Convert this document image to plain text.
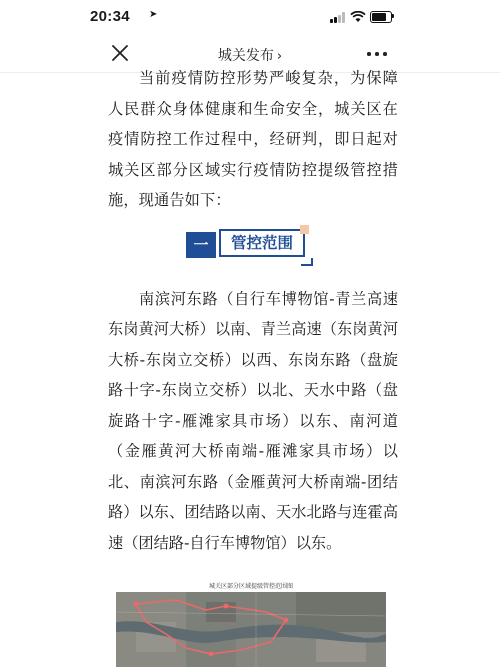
20:34 ➤
城关发布 ›

当前疫情防控形势严峻复杂，为保障人民群众身体健康和生命安全，城关区在疫情防控工作过程中，经研判，即日起对城关区部分区域实行疫情防控提级管控措施，现通告如下：

一	管控范围

南滨河东路（自行车博物馆-青兰高速东岗黄河大桥）以南、青兰高速（东岗黄河大桥-东岗立交桥）以西、东岗东路（盘旋路十字-东岗立交桥）以北、天水中路（盘旋路十字-雁滩家具市场）以东、南河道（金雁黄河大桥南端-雁滩家具市场）以北、南滨河东路（金雁黄河大桥南端-团结路）以东、团结路以南、天水北路与连霍高速（团结路-自行车博物馆）以东。

城关区部分区域提级管控范围图
